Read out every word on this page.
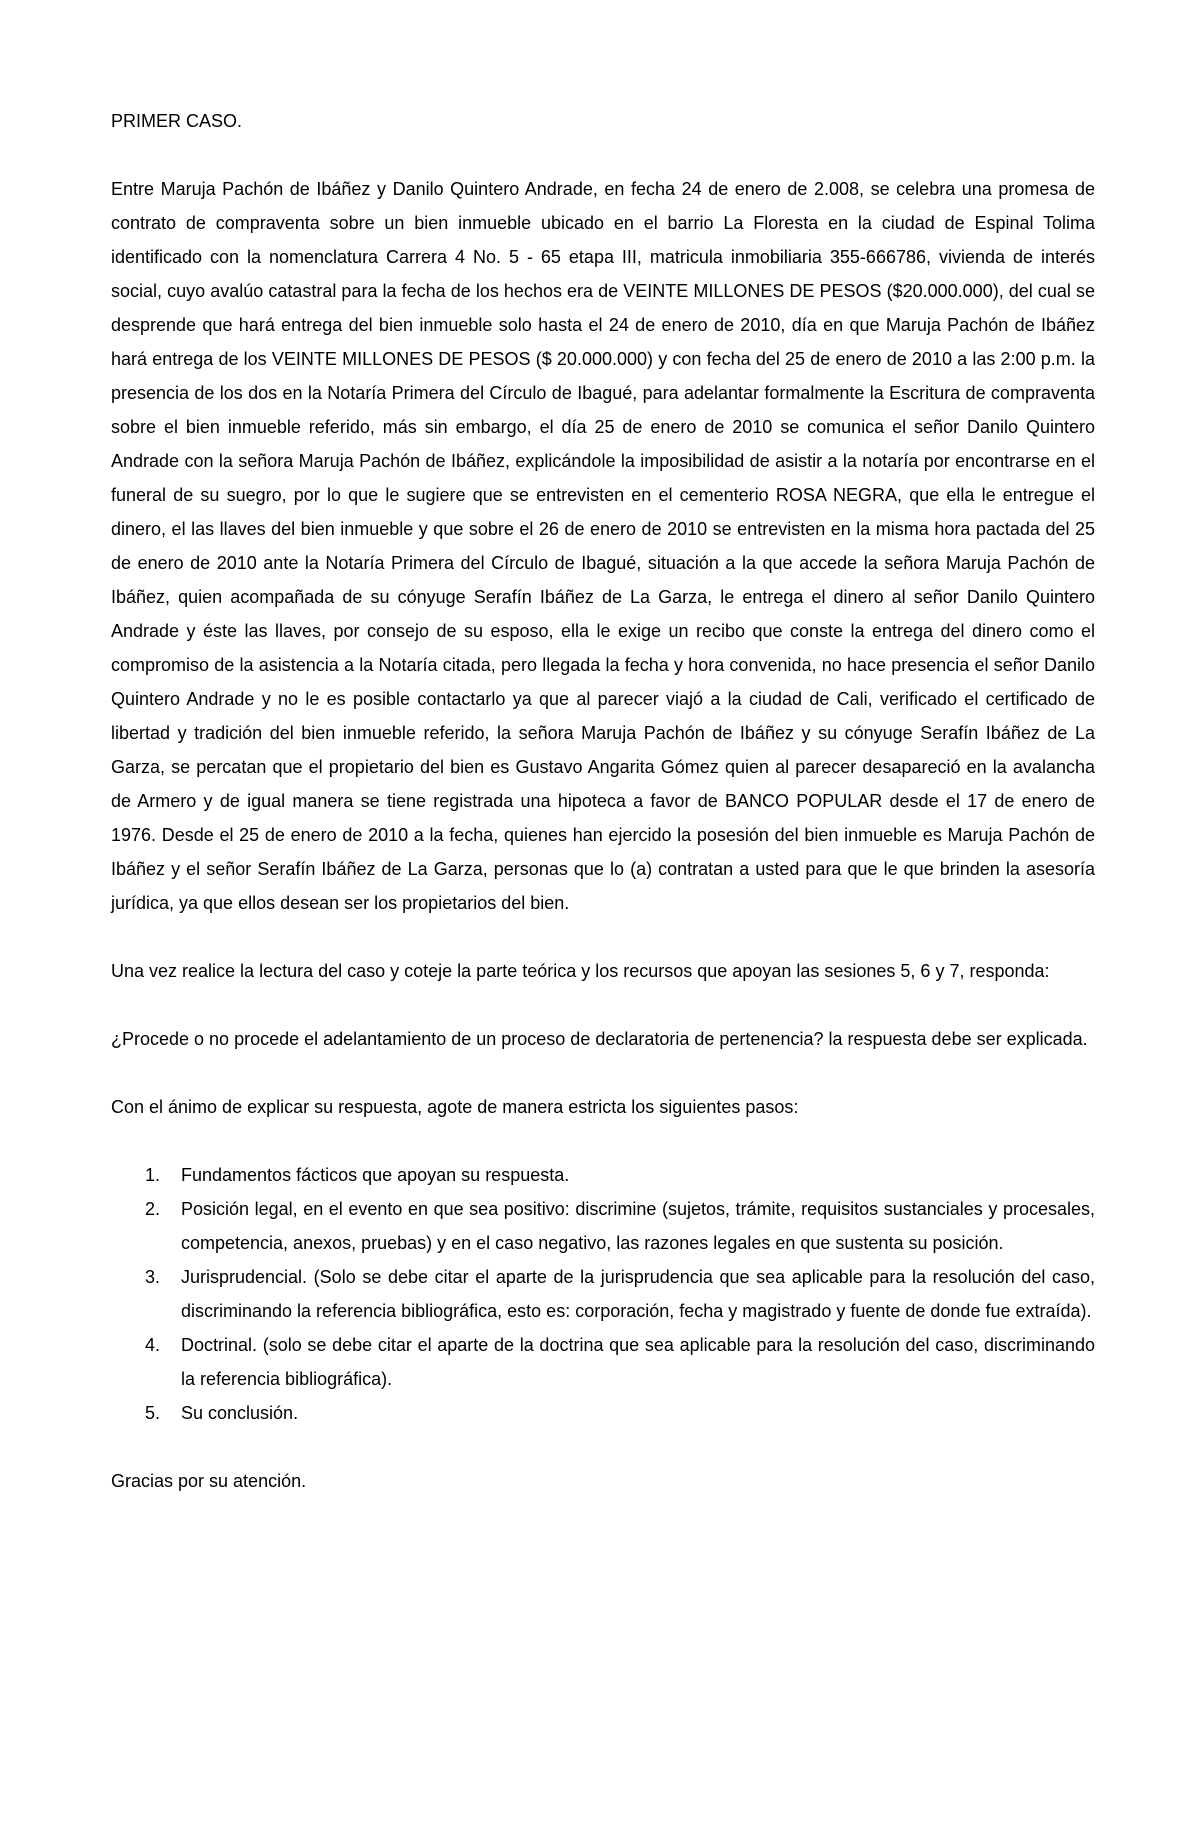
PRIMER CASO.

Entre Maruja Pachón de Ibáñez y Danilo Quintero Andrade, en fecha 24 de enero de 2.008, se celebra una promesa de contrato de compraventa sobre un bien inmueble ubicado en el barrio La Floresta en la ciudad de Espinal Tolima identificado con la nomenclatura Carrera 4 No. 5 - 65 etapa III, matricula inmobiliaria 355-666786, vivienda de interés social, cuyo avalúo catastral para la fecha de los hechos era de VEINTE MILLONES DE PESOS ($20.000.000), del cual se desprende que hará entrega del bien inmueble solo hasta el 24 de enero de 2010, día en que Maruja Pachón de Ibáñez hará entrega de los VEINTE MILLONES DE PESOS ($ 20.000.000) y con fecha del 25 de enero de 2010 a las 2:00 p.m. la presencia de los dos en la Notaría Primera del Círculo de Ibagué, para adelantar formalmente la Escritura de compraventa sobre el bien inmueble referido, más sin embargo, el día 25 de enero de 2010 se comunica el señor Danilo Quintero Andrade con la señora Maruja Pachón de Ibáñez, explicándole la imposibilidad de asistir a la notaría por encontrarse en el funeral de su suegro, por lo que le sugiere que se entrevisten en el cementerio ROSA NEGRA, que ella le entregue el dinero, el las llaves del bien inmueble y que sobre el 26 de enero de 2010 se entrevisten en la misma hora pactada del 25 de enero de 2010 ante la Notaría Primera del Círculo de Ibagué, situación a la que accede la señora Maruja Pachón de Ibáñez, quien acompañada de su cónyuge Serafín Ibáñez de La Garza, le entrega el dinero al señor Danilo Quintero Andrade y éste las llaves, por consejo de su esposo, ella le exige un recibo que conste la entrega del dinero como el compromiso de la asistencia a la Notaría citada, pero llegada la fecha y hora convenida, no hace presencia el señor Danilo Quintero Andrade y no le es posible contactarlo ya que al parecer viajó a la ciudad de Cali, verificado el certificado de libertad y tradición del bien inmueble referido, la señora Maruja Pachón de Ibáñez y su cónyuge Serafín Ibáñez de La Garza, se percatan que el propietario del bien es Gustavo Angarita Gómez quien al parecer desapareció en la avalancha de Armero y de igual manera se tiene registrada una hipoteca a favor de BANCO POPULAR desde el 17 de enero de 1976. Desde el 25 de enero de 2010 a la fecha, quienes han ejercido la posesión del bien inmueble es Maruja Pachón de Ibáñez y el señor Serafín Ibáñez de La Garza, personas que lo (a) contratan a usted para que le que brinden la asesoría jurídica, ya que ellos desean ser los propietarios del bien.

Una vez realice la lectura del caso y coteje la parte teórica y los recursos que apoyan las sesiones 5, 6 y 7, responda:

¿Procede o no procede el adelantamiento de un proceso de declaratoria de pertenencia? la respuesta debe ser explicada.

Con el ánimo de explicar su respuesta, agote de manera estricta los siguientes pasos:

1.	Fundamentos fácticos que apoyan su respuesta.
2.	Posición legal, en el evento en que sea positivo: discrimine (sujetos, trámite, requisitos sustanciales y procesales, competencia, anexos, pruebas) y en el caso negativo, las razones legales en que sustenta su posición.
3.	Jurisprudencial. (Solo se debe citar el aparte de la jurisprudencia que sea aplicable para la resolución del caso, discriminando la referencia bibliográfica, esto es: corporación, fecha y magistrado y fuente de donde fue extraída).
4.	Doctrinal. (solo se debe citar el aparte de la doctrina que sea aplicable para la resolución del caso, discriminando la referencia bibliográfica).
5.	Su conclusión.

Gracias por su atención.
